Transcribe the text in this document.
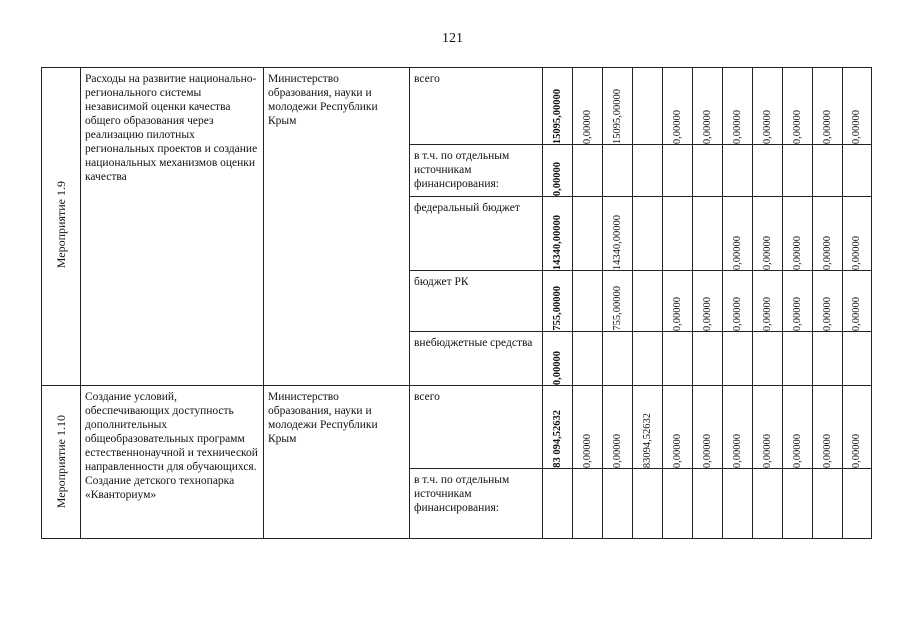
121
Мероприятие 1.9	Расходы на развитие национально-регионального системы независимой оценки качества общего образования через реализацию пилотных региональных проектов и создание национальных механизмов оценки качества	Министерство образования, науки и молодежи Республики Крым	всего	15095,00000	0,00000	15095,00000		0,00000	0,00000	0,00000	0,00000	0,00000	0,00000	0,00000

			в т.ч. по отдельным источникам финансирования:	0,00000										

			федеральный бюджет	14340,00000		14340,00000				0,00000	0,00000	0,00000	0,00000	0,00000

			бюджет РК	755,00000		755,00000		0,00000	0,00000	0,00000	0,00000	0,00000	0,00000	0,00000

			внебюджетные средства	0,00000										

Мероприятие 1.10	Создание условий, обеспечивающих доступность дополнительных общеобразовательных программ естественнонаучной и технической направленности для обучающихся. Создание детского технопарка «Кванториум»	Министерство образования, науки и молодежи Республики Крым	всего	83 094,52632	0,00000	0,00000	83094,52632	0,00000	0,00000	0,00000	0,00000	0,00000	0,00000	0,00000

			в т.ч. по отдельным источникам финансирования:											
